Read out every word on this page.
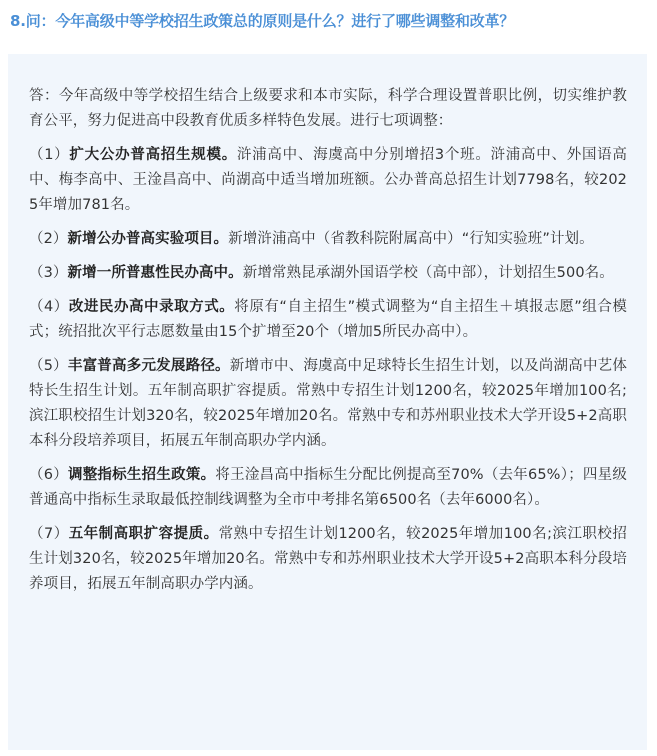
8.问：今年高级中等学校招生政策总的原则是什么？进行了哪些调整和改革？

答：今年高级中等学校招生结合上级要求和本市实际，科学合理设置普职比例，切实维护教育公平，努力促进高中段教育优质多样特色发展。进行七项调整：

（1）扩大公办普高招生规模。浒浦高中、海虞高中分别增招3个班。浒浦高中、外国语高中、梅李高中、王淦昌高中、尚湖高中适当增加班额。公办普高总招生计划7798名，较2025年增加781名。

（2）新增公办普高实验项目。新增浒浦高中（省教科院附属高中）“行知实验班”计划。

（3）新增一所普惠性民办高中。新增常熟昆承湖外国语学校（高中部），计划招生500名。

（4）改进民办高中录取方式。将原有“自主招生”模式调整为“自主招生＋填报志愿”组合模式；统招批次平行志愿数量由15个扩增至20个（增加5所民办高中）。

（5）丰富普高多元发展路径。新增市中、海虞高中足球特长生招生计划，以及尚湖高中艺体特长生招生计划。五年制高职扩容提质。常熟中专招生计划1200名，较2025年增加100名;滨江职校招生计划320名，较2025年增加20名。常熟中专和苏州职业技术大学开设5+2高职本科分段培养项目，拓展五年制高职办学内涵。

（6）调整指标生招生政策。将王淦昌高中指标生分配比例提高至70%（去年65%）；四星级普通高中指标生录取最低控制线调整为全市中考排名第6500名（去年6000名）。

（7）五年制高职扩容提质。常熟中专招生计划1200名，较2025年增加100名;滨江职校招生计划320名，较2025年增加20名。常熟中专和苏州职业技术大学开设5+2高职本科分段培养项目，拓展五年制高职办学内涵。
